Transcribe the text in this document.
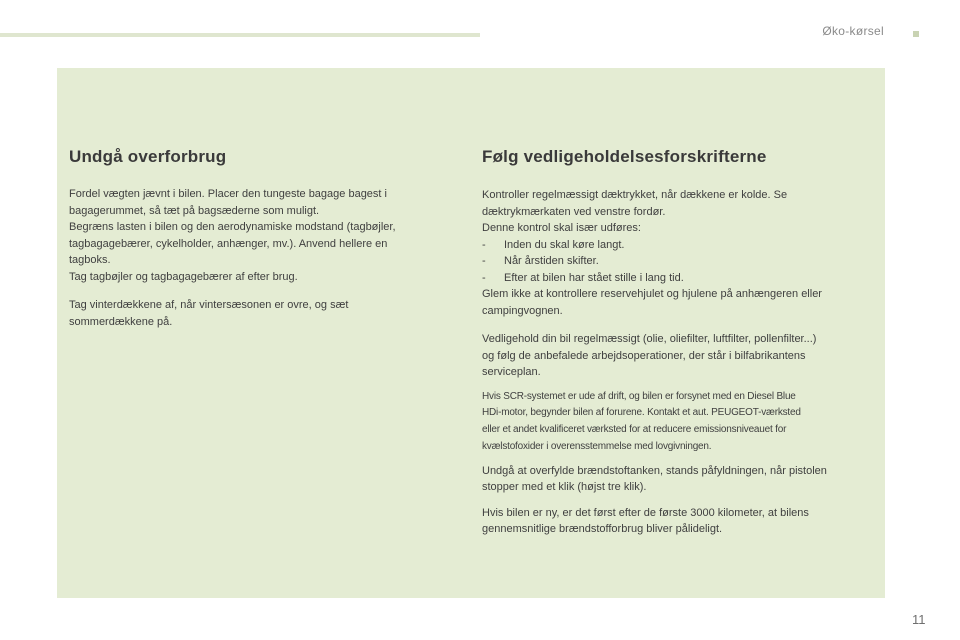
Øko-kørsel
Undgå overforbrug

Fordel vægten jævnt i bilen. Placer den tungeste bagage bagest i
bagagerummet, så tæt på bagsæderne som muligt.
Begræns lasten i bilen og den aerodynamiske modstand (tagbøjler,
tagbagagebærer, cykelholder, anhænger, mv.). Anvend hellere en
tagboks.
Tag tagbøjler og tagbagagebærer af efter brug.

Tag vinterdækkene af, når vintersæsonen er ovre, og sæt
sommerdækkene på.

Følg vedligeholdelsesforskrifterne

Kontroller regelmæssigt dæktrykket, når dækkene er kolde. Se
dæktrykmærkaten ved venstre fordør.
Denne kontrol skal især udføres:

-	Inden du skal køre langt.
-	Når årstiden skifter.
-	Efter at bilen har stået stille i lang tid.

Glem ikke at kontrollere reservehjulet og hjulene på anhængeren eller
campingvognen.

Vedligehold din bil regelmæssigt (olie, oliefilter, luftfilter, pollenfilter...)
og følg de anbefalede arbejdsoperationer, der står i bilfabrikantens
serviceplan.

Hvis SCR-systemet er ude af drift, og bilen er forsynet med en Diesel Blue
HDi-motor, begynder bilen af forurene. Kontakt et aut. PEUGEOT-værksted
eller et andet kvalificeret værksted for at reducere emissionsniveauet for
kvælstofoxider i overensstemmelse med lovgivningen.

Undgå at overfylde brændstoftanken, stands påfyldningen, når pistolen
stopper med et klik (højst tre klik).

Hvis bilen er ny, er det først efter de første 3000 kilometer, at bilens
gennemsnitlige brændstofforbrug bliver pålideligt.

11
